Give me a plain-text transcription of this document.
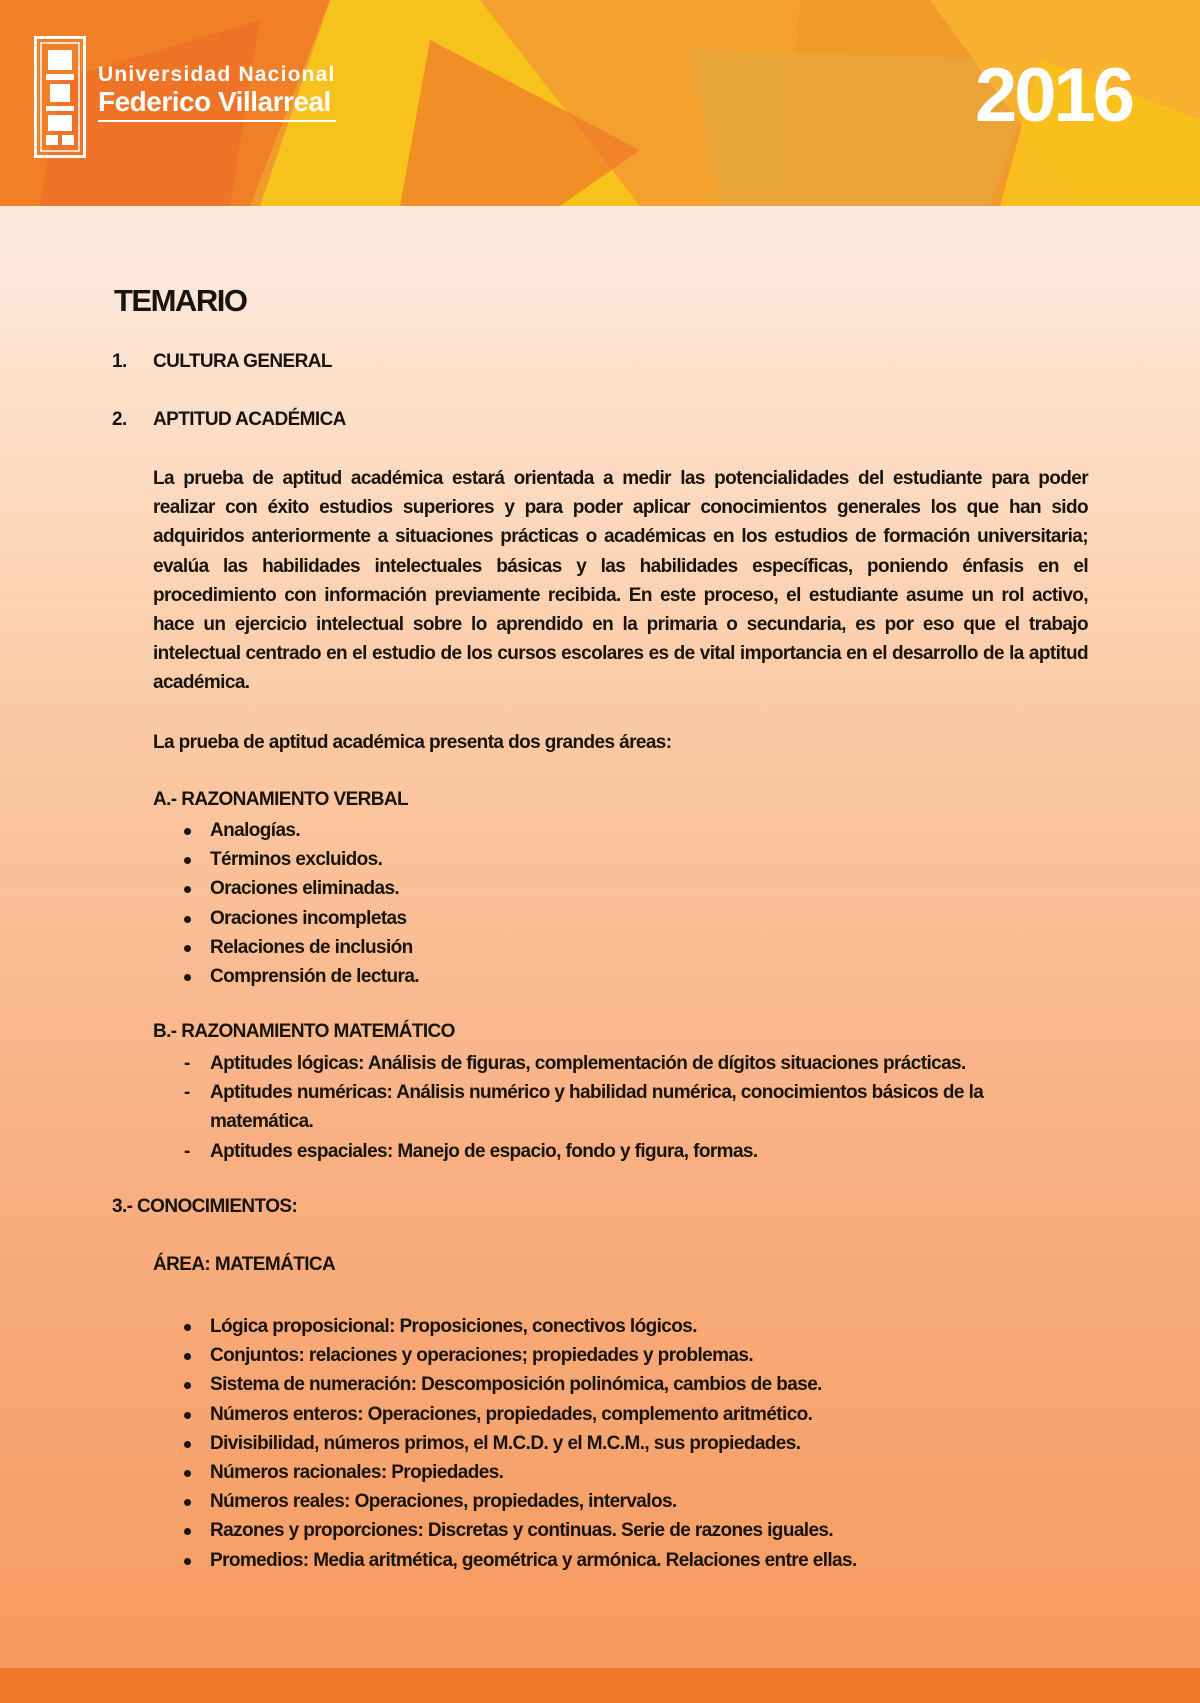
Universidad Nacional
Federico Villarreal	2016
TEMARIO
1. CULTURA GENERAL
2. APTITUD ACADÉMICA
La prueba de aptitud académica estará orientada a medir las potencialidades del estudiante para poder realizar con éxito estudios superiores y para poder aplicar conocimientos generales los que han sido adquiridos anteriormente a situaciones prácticas o académicas en los estudios de formación universitaria; evalúa las habilidades intelectuales básicas y las habilidades específicas, poniendo énfasis en el procedimiento con información previamente recibida. En este proceso, el estudiante asume un rol activo, hace un ejercicio intelectual sobre lo aprendido en la primaria o secundaria, es por eso que el trabajo intelectual centrado en el estudio de los cursos escolares es de vital importancia en el desarrollo de la aptitud académica.
La prueba de aptitud académica presenta dos grandes áreas:
A.- RAZONAMIENTO VERBAL
Analogías.
Términos excluidos.
Oraciones eliminadas.
Oraciones incompletas
Relaciones de inclusión
Comprensión de lectura.
B.- RAZONAMIENTO MATEMÁTICO
- Aptitudes lógicas: Análisis de figuras, complementación de dígitos situaciones prácticas.
- Aptitudes numéricas: Análisis numérico y habilidad numérica, conocimientos básicos de la matemática.
- Aptitudes espaciales: Manejo de espacio, fondo y figura, formas.
3.- CONOCIMIENTOS:
ÁREA: MATEMÁTICA
Lógica proposicional: Proposiciones, conectivos lógicos.
Conjuntos: relaciones y operaciones; propiedades y problemas.
Sistema de numeración: Descomposición polinómica, cambios de base.
Números enteros: Operaciones, propiedades, complemento aritmético.
Divisibilidad, números primos, el M.C.D. y el M.C.M., sus propiedades.
Números racionales: Propiedades.
Números reales: Operaciones, propiedades, intervalos.
Razones y proporciones: Discretas y continuas. Serie de razones iguales.
Promedios: Media aritmética, geométrica y armónica. Relaciones entre ellas.
